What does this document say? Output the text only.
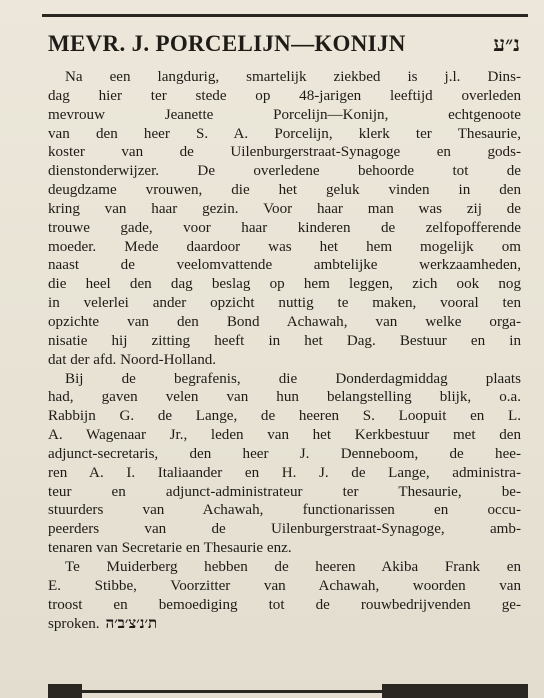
MEVR. J. PORCELIJN—KONIJN	נ״ע
Na een langdurig, smartelijk ziekbed is j.l. Dins-
dag hier ter stede op 48-jarigen leeftijd overleden
mevrouw Jeanette Porcelijn—Konijn, echtgenoote
van den heer S. A. Porcelijn, klerk ter Thesaurie,
koster van de Uilenburgerstraat-Synagoge en gods-
dienstonderwijzer. De overledene behoorde tot de
deugdzame vrouwen, die het geluk vinden in den
kring van haar gezin. Voor haar man was zij de
trouwe gade, voor haar kinderen de zelfopofferende
moeder. Mede daardoor was het hem mogelijk om
naast de veelomvattende ambtelijke werkzaamheden,
die heel den dag beslag op hem leggen, zich ook nog
in velerlei ander opzicht nuttig te maken, vooral ten
opzichte van den Bond Achawah, van welke orga-
nisatie hij zitting heeft in het Dag. Bestuur en in
dat der afd. Noord-Holland.
Bij de begrafenis, die Donderdagmiddag plaats
had, gaven velen van hun belangstelling blijk, o.a.
Rabbijn G. de Lange, de heeren S. Loopuit en L.
A. Wagenaar Jr., leden van het Kerkbestuur met den
adjunct-secretaris, den heer J. Denneboom, de hee-
ren A. I. Italiaander en H. J. de Lange, administra-
teur en adjunct-administrateur ter Thesaurie, be-
stuurders van Achawah, functionarissen en occu-
peerders van de Uilenburgerstraat-Synagoge, amb-
tenaren van Secretarie en Thesaurie enz.
Te Muiderberg hebben de heeren Akiba Frank en
E. Stibbe, Voorzitter van Achawah, woorden van
troost en bemoediging tot de rouwbedrijvenden ge-
sproken. ת׳נ׳צ׳ב׳ה
